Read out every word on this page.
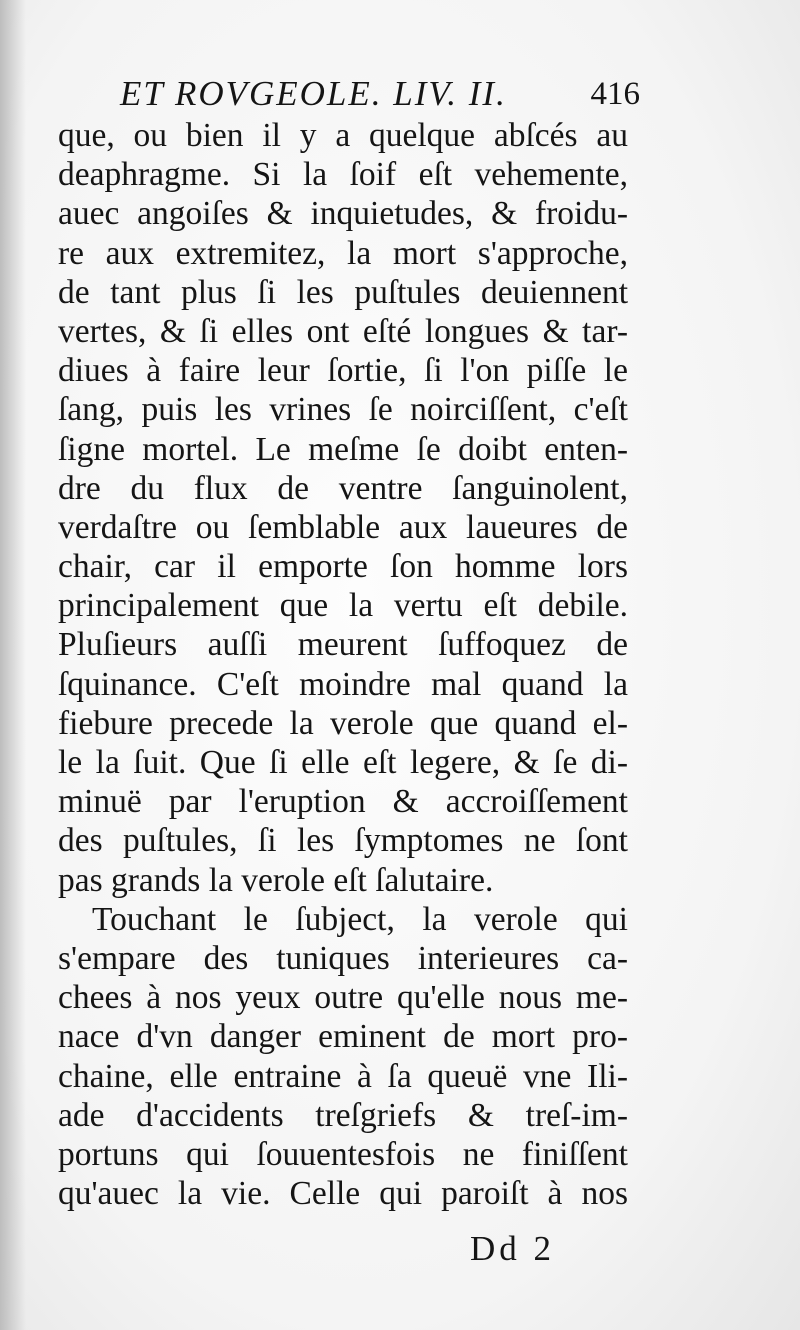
ET ROVGEOLE. LIV. II.	416
que, ou bien il y a quelque abſcés au
deaphragme. Si la ſoif eſt vehemente,
auec angoiſes & inquietudes, & froidu-
re aux extremitez, la mort s'approche,
de tant plus ſi les puſtules deuiennent
vertes, & ſi elles ont eſté longues & tar-
diues à faire leur ſortie, ſi l'on piſſe le
ſang, puis les vrines ſe noirciſſent, c'eſt
ſigne mortel. Le meſme ſe doibt enten-
dre du flux de ventre ſanguinolent,
verdaſtre ou ſemblable aux laueures de
chair, car il emporte ſon homme lors
principalement que la vertu eſt debile.
Pluſieurs auſſi meurent ſuffoquez de
ſquinance. C'eſt moindre mal quand la
fiebure precede la verole que quand el-
le la ſuit. Que ſi elle eſt legere, & ſe di-
minuë par l'eruption & accroiſſement
des puſtules, ſi les ſymptomes ne ſont
pas grands la verole eſt ſalutaire.
Touchant le ſubject, la verole qui
s'empare des tuniques interieures ca-
chees à nos yeux outre qu'elle nous me-
nace d'vn danger eminent de mort pro-
chaine, elle entraine à ſa queuë vne Ili-
ade d'accidents treſgriefs & treſ-im-
portuns qui ſouuentesfois ne finiſſent
qu'auec la vie. Celle qui paroiſt à nos
Dd 2
